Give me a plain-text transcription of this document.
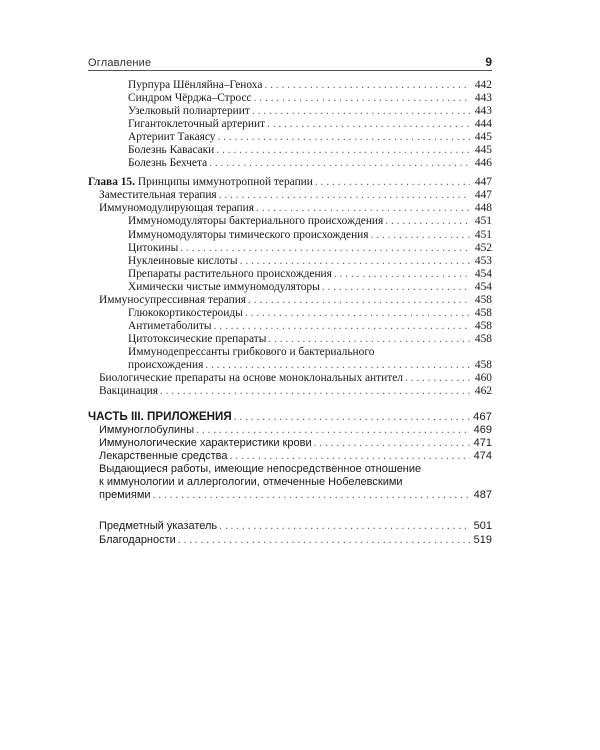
Оглавление	9
Пурпура Шёнляйна–Геноха . . .	442
Синдром Чёрджа–Стросс . . .	443
Узелковый полиартериит . . .	443
Гигантоклеточный артериит . . .	444
Артериит Такаясу . . .	445
Болезнь Кавасаки . . .	445
Болезнь Бехчета . . .	446
Глава 15. Принципы иммунотропной терапии . . .	447
Заместительная терапия . . .	447
Иммуномодулирующая терапия . . .	448
Иммуномодуляторы бактериального происхождения . . .	451
Иммуномодуляторы тимического происхождения . . .	451
Цитокины . . .	452
Нуклеиновые кислоты . . .	453
Препараты растительного происхождения . . .	454
Химически чистые иммуномодуляторы . . .	454
Иммуносупрессивная терапия . . .	458
Глюкокортикостероиды . . .	458
Антиметаболиты . . .	458
Цитотоксические препараты . . .	458
Иммунодепрессанты грибкового и бактериального
происхождения . . .	458
Биологические препараты на основе моноклональных антител . . .	460
Вакцинация . . .	462
ЧАСТЬ III. ПРИЛОЖЕНИЯ . . .	467
Иммуноглобулины . . .	469
Иммунологические характеристики крови . . .	471
Лекарственные средства . . .	474
Выдающиеся работы, имеющие непосредственное отношение
к иммунологии и аллергологии, отмеченные Нобелевскими
премиями . . .	487
Предметный указатель . . .	501
Благодарности . . .	519
